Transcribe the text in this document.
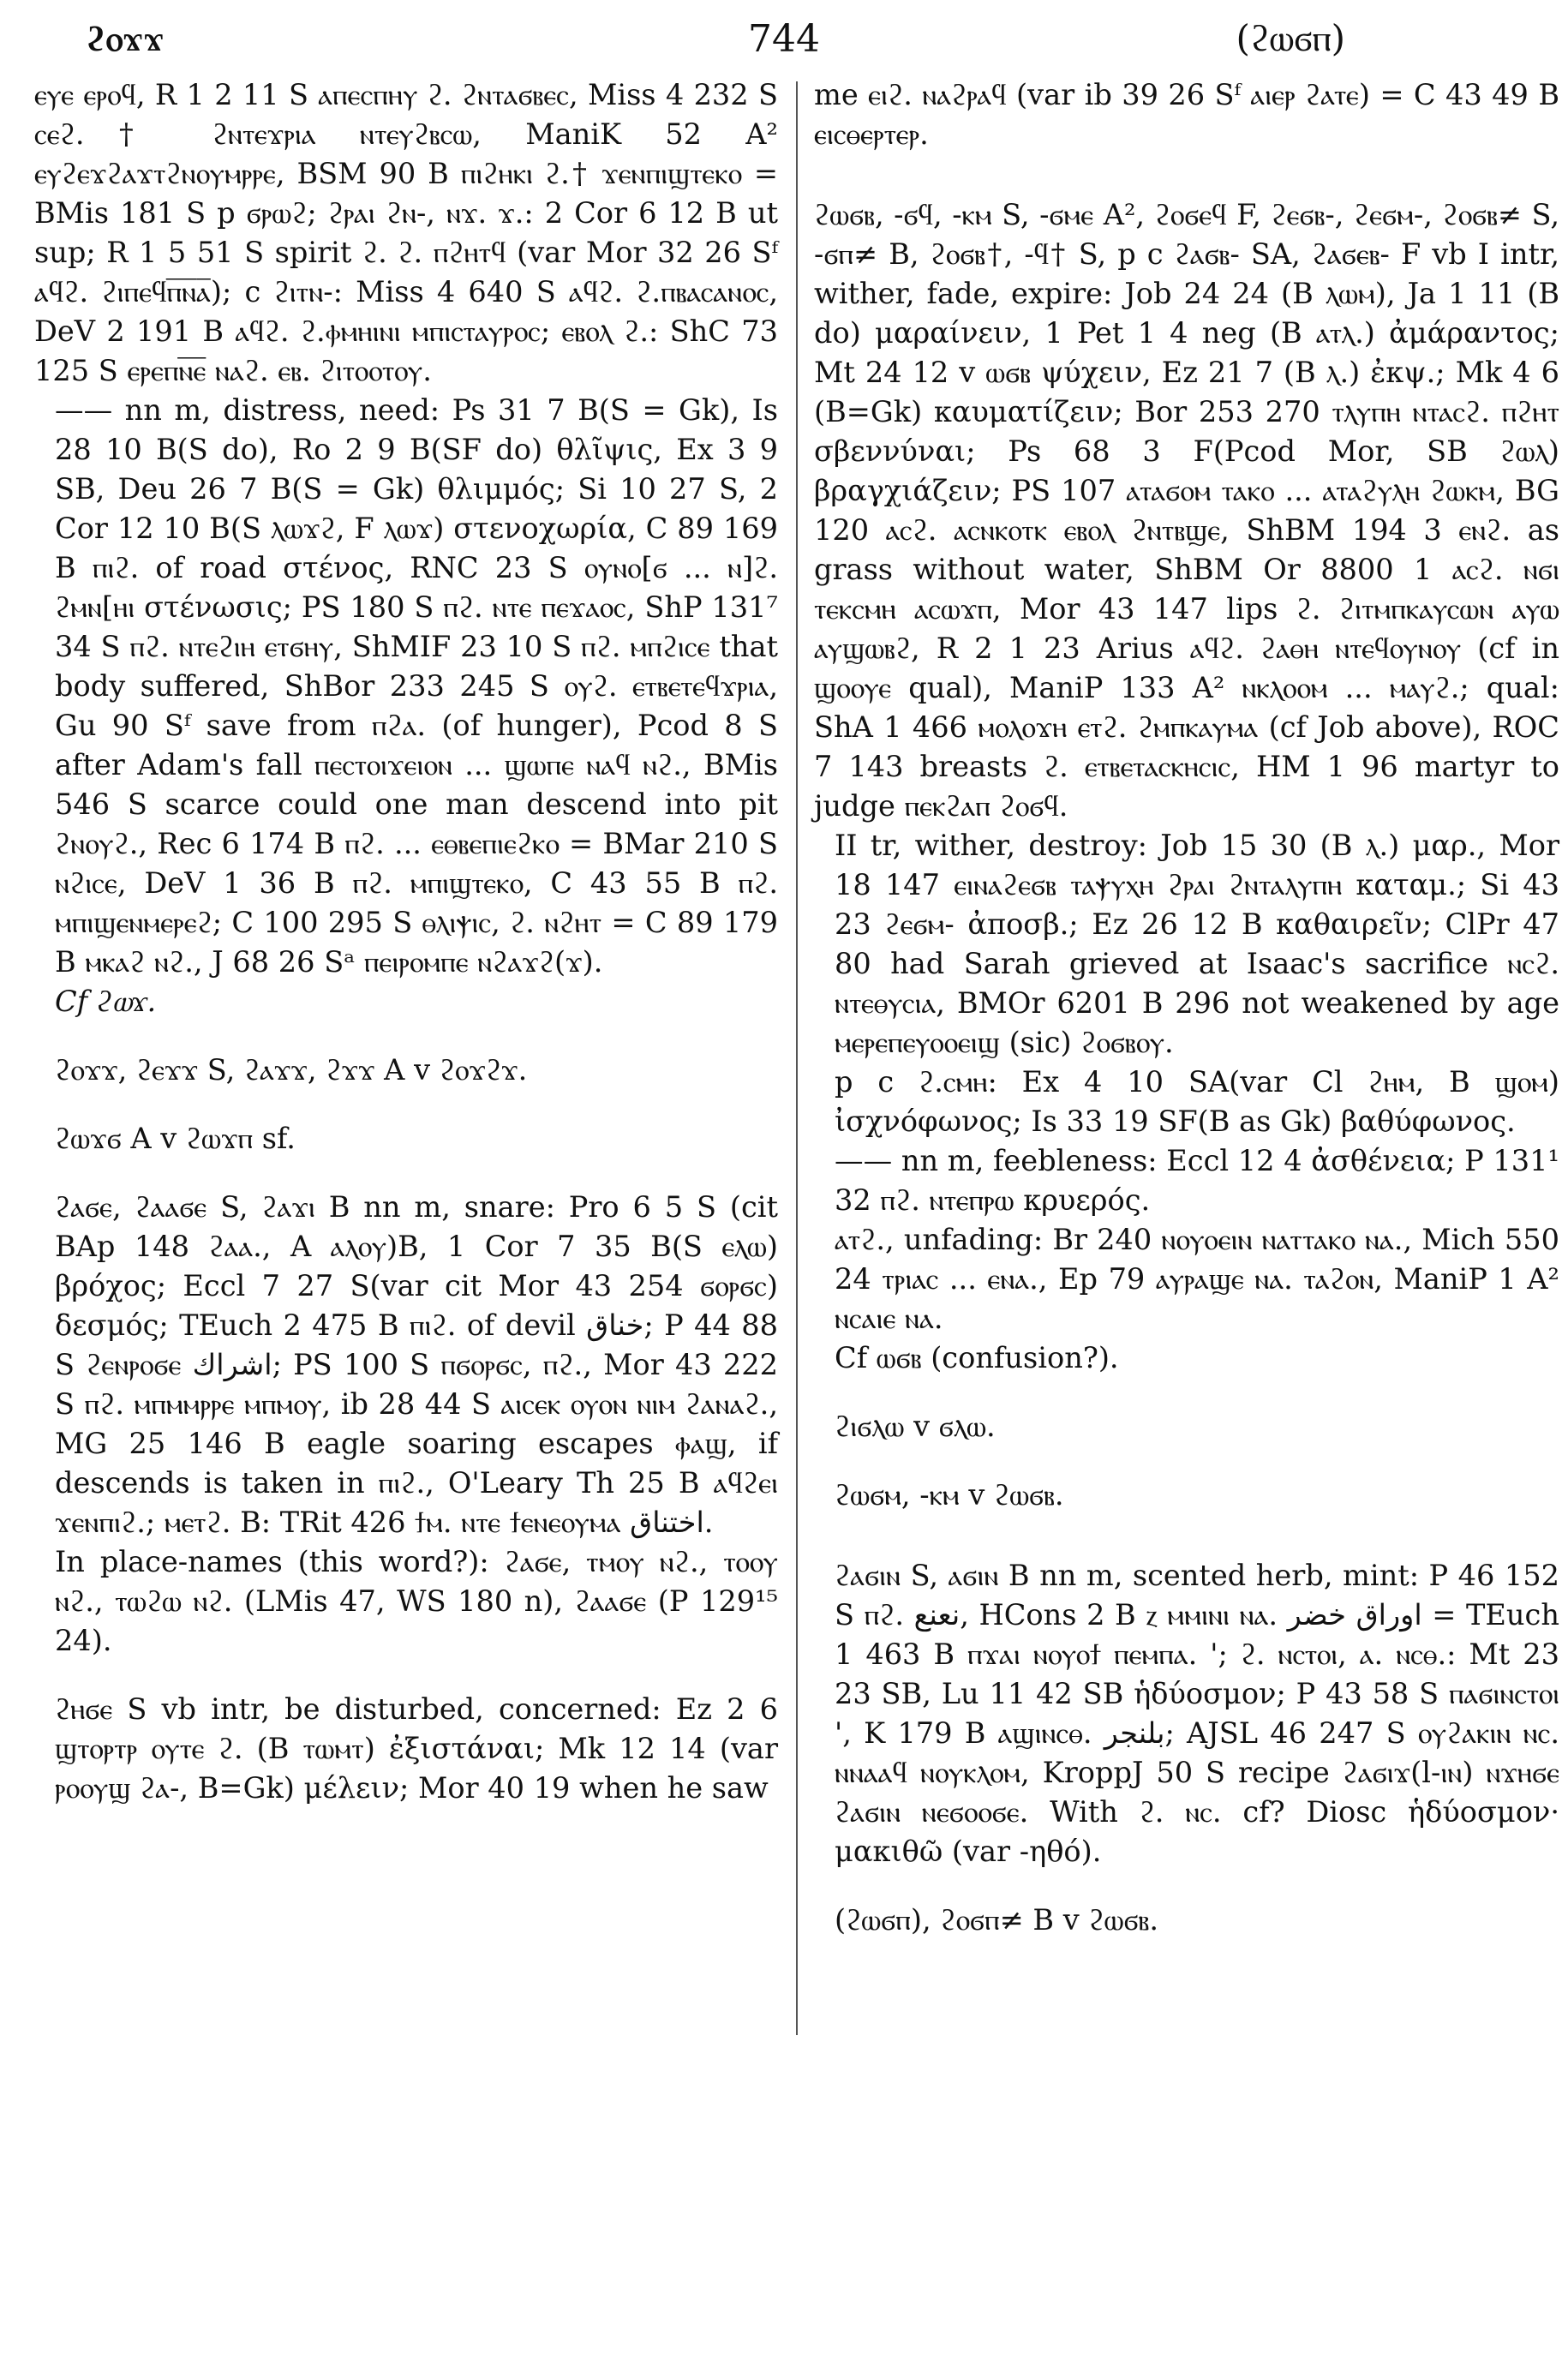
ϩⲟϫϫ	744	(ϩⲱϭⲡ)

ⲉⲩⲉ ⲉⲣⲟϥ, R 1 2 11 S ⲁⲡⲉⲥⲡⲏⲩ ϩ. ϩⲛⲧⲁϭⲃⲉⲥ, Miss 4 232 S ⲥⲉϩ.† ϩⲛⲧⲉϫⲣⲓⲁ ⲛⲧⲉⲩϩⲃⲥⲱ, ManiK 52 A² ⲉⲩϩⲉϫϩⲁϫⲧϩⲛⲟⲩⲙⲣⲣⲉ, BSM 90 B ⲡⲓϩⲏⲕⲓ ϩ.† ϫⲉⲛⲡⲓϣⲧⲉⲕⲟ = BMis 181 S p ϭⲣⲱϩ; ϩⲣⲁⲓ ϩⲛ-, ⲛϫ. ϫ.: 2 Cor 6 12 B ut sup; R 1 5 51 S spirit ϩ. ϩ. ⲡϩⲏⲧϥ (var Mor 32 26 Sᶠ ⲁϥϩ. ϩⲓⲡⲉϥⲡ̅ⲛ̅ⲁ̅); c ϩⲓⲧⲛ-: Miss 4 640 S ⲁϥϩ. ϩ.ⲡⲃⲁⲥⲁⲛⲟⲥ, DeV 2 191 B ⲁϥϩ. ϩ.ⲫⲙⲏⲓⲛⲓ ⲙⲡⲓⲥⲧⲁⲩⲣⲟⲥ; ⲉⲃⲟⲗ ϩ.: ShC 73 125 S ⲉⲣⲉⲡⲛ̅ⲉ̅ ⲛⲁϩ. ⲉⲃ. ϩⲓⲧⲟⲟⲧⲟⲩ.

—— nn m, distress, need: Ps 31 7 B(S = Gk), Is 28 10 B(S do), Ro 2 9 B(SF do) θλῖψις, Ex 3 9 SB, Deu 26 7 B(S = Gk) θλιμμός; Si 10 27 S, 2 Cor 12 10 B(S ⲗⲱϫϩ, F ⲗⲱϫ) στενοχωρία, C 89 169 B ⲡⲓϩ. of road στένος, RNC 23 S ⲟⲩⲛⲟ[ϭ ... ⲛ]ϩ. ϩⲙⲛ[ⲏⲓ στένωσις; PS 180 S ⲡϩ. ⲛⲧⲉ ⲡⲉϫⲁⲟⲥ, ShP 131⁷ 34 S ⲡϩ. ⲛⲧⲉϩⲓⲏ ⲉⲧϭⲏⲩ, ShMIF 23 10 S ⲡϩ. ⲙⲡϩⲓⲥⲉ that body suffered, ShBor 233 245 S ⲟⲩϩ. ⲉⲧⲃⲉⲧⲉϥϫⲣⲓⲁ, Gu 90 Sᶠ save from ⲡϩⲁ. (of hunger), Pcod 8 S after Adam's fall ⲡⲉⲥⲧⲟⲓϫⲉⲓⲟⲛ ... ϣⲱⲡⲉ ⲛⲁϥ ⲛϩ., BMis 546 S scarce could one man descend into pit ϩⲛⲟⲩϩ., Rec 6 174 B ⲡϩ. ... ⲉⲑⲃⲉⲡⲓⲉϩⲕⲟ = BMar 210 S ⲛϩⲓⲥⲉ, DeV 1 36 B ⲡϩ. ⲙⲡⲓϣⲧⲉⲕⲟ, C 43 55 B ⲡϩ. ⲙⲡⲓϣⲉⲛⲙⲉⲣⲉϩ; C 100 295 S ⲑⲗⲓⲯⲓⲥ, ϩ. ⲛϩⲏⲧ = C 89 179 B ⲙⲕⲁϩ ⲛϩ., J 68 26 Sᵃ ⲡⲉⲓⲣⲟⲙⲡⲉ ⲛϩⲁϫϩ(ϫ).

Cf ϩⲱϫ.

ϩⲟϫϫ, ϩⲉϫϫ S, ϩⲁϫϫ, ϩϫϫ A v ϩⲟϫϩϫ.

ϩⲱϫϭ A v ϩⲱϫⲡ sf.

ϩⲁϭⲉ, ϩⲁⲁϭⲉ S, ϩⲁϫⲓ B nn m, snare: Pro 6 5 S (cit BAp 148 ϩⲁⲁ., A ⲁⲗⲟⲩ)B, 1 Cor 7 35 B(S ⲉⲗⲱ) βρόχος; Eccl 7 27 S(var cit Mor 43 254 ϭⲟⲣϭⲥ) δεσμός; TEuch 2 475 B ⲡⲓϩ. of devil خناق; P 44 88 S ϩⲉⲛⲣⲟϭⲉ اشراك; PS 100 S ⲡϭⲟⲣϭⲥ, ⲡϩ., Mor 43 222 S ⲡϩ. ⲙⲡⲙⲙⲣⲣⲉ ⲙⲡⲙⲟⲩ, ib 28 44 S ⲁⲓⲥⲉⲕ ⲟⲩⲟⲛ ⲛⲓⲙ ϩⲁⲛⲁϩ., MG 25 146 B eagle soaring escapes ⲫⲁϣ, if descends is taken in ⲡⲓϩ., O'Leary Th 25 B ⲁϥϩⲉⲓ ϫⲉⲛⲡⲓϩ.; ⲙⲉⲧϩ. B: TRit 426 ϯⲙ. ⲛⲧⲉ ϯⲉⲛⲉⲟⲩⲙⲁ اختناق.

In place-names (this word?): ϩⲁϭⲉ, ⲧⲙⲟⲩ ⲛϩ., ⲧⲟⲟⲩ ⲛϩ., ⲧⲱϩⲱ ⲛϩ. (LMis 47, WS 180 n), ϩⲁⲁϭⲉ (P 129¹⁵ 24).

ϩⲏϭⲉ S vb intr, be disturbed, concerned: Ez 2 6 ϣⲧⲟⲣⲧⲣ ⲟⲩⲧⲉ ϩ. (B ⲧⲱⲙⲧ) ἐξιστάναι; Mk 12 14 (var ⲣⲟⲟⲩϣ ϩⲁ-, B=Gk) μέλειν; Mor 40 19 when he saw

me ⲉⲓϩ. ⲛⲁϩⲣⲁϥ (var ib 39 26 Sᶠ ⲁⲓⲉⲣ ϩⲁⲧⲉ) = C 43 49 B ⲉⲓⲥⲑⲉⲣⲧⲉⲣ.

ϩⲱϭⲃ, -ϭϥ, -ⲕⲙ S, -ϭⲙⲉ A², ϩⲟϭⲉϥ F, ϩⲉϭⲃ-, ϩⲉϭⲙ-, ϩⲟϭⲃ≠ S, -ϭⲡ≠ B, ϩⲟϭⲃ†, -ϥ† S, p c ϩⲁϭⲃ- SA, ϩⲁϭⲉⲃ- F vb I intr, wither, fade, expire: Job 24 24 (B ⲗⲱⲙ), Ja 1 11 (B do) μαραίνειν, 1 Pet 1 4 neg (B ⲁⲧⲗ.) ἀμάραντος; Mt 24 12 v ⲱϭⲃ ψύχειν, Ez 21 7 (B ⲗ.) ἐκψ.; Mk 4 6 (B=Gk) καυματίζειν; Bor 253 270 ⲧⲗⲩⲡⲏ ⲛⲧⲁⲥϩ. ⲡϩⲏⲧ σβεννύναι; Ps 68 3 F(Pcod Mor, SB ϩⲱⲗ) βραγχιάζειν; PS 107 ⲁⲧⲁϭⲟⲙ ⲧⲁⲕⲟ ... ⲁⲧⲁϩⲩⲗⲏ ϩⲱⲕⲙ, BG 120 ⲁⲥϩ. ⲁⲥⲛⲕⲟⲧⲕ ⲉⲃⲟⲗ ϩⲛⲧⲃϣⲉ, ShBM 194 3 ⲉⲛϩ. as grass without water, ShBM Or 8800 1 ⲁⲥϩ. ⲛϭⲓ ⲧⲉⲕⲥⲙⲏ ⲁⲥⲱϫⲡ, Mor 43 147 lips ϩ. ϩⲓⲧⲙⲡⲕⲁⲩⲥⲱⲛ ⲁⲩⲱ ⲁⲩϣⲱⲃϩ, R 2 1 23 Arius ⲁϥϩ. ϩⲁⲑⲏ ⲛⲧⲉϥⲟⲩⲛⲟⲩ (cf in ϣⲟⲟⲩⲉ qual), ManiP 133 A² ⲛⲕⲗⲟⲟⲙ ... ⲙⲁⲩϩ.; qual: ShA 1 466 ⲙⲟⲗⲟϫⲏ ⲉⲧϩ. ϩⲙⲡⲕⲁⲩⲙⲁ (cf Job above), ROC 7 143 breasts ϩ. ⲉⲧⲃⲉⲧⲁⲥⲕⲏⲥⲓⲥ, HM 1 96 martyr to judge ⲡⲉⲕϩⲁⲡ ϩⲟϭϥ.

II tr, wither, destroy: Job 15 30 (B ⲗ.) μαρ., Mor 18 147 ⲉⲓⲛⲁϩⲉϭⲃ ⲧⲁⲯⲩⲭⲏ ϩⲣⲁⲓ ϩⲛⲧⲁⲗⲩⲡⲏ καταμ.; Si 43 23 ϩⲉϭⲙ- ἀποσβ.; Ez 26 12 B καθαιρεῖν; ClPr 47 80 had Sarah grieved at Isaac's sacrifice ⲛⲥϩ. ⲛⲧⲉⲑⲩⲥⲓⲁ, BMOr 6201 B 296 not weakened by age ⲙⲉⲣⲉⲡⲉⲩⲟⲟⲉⲓϣ (sic) ϩⲟϭⲃⲟⲩ.

p c ϩ.ⲥⲙⲏ: Ex 4 10 SA(var Cl ϩⲏⲙ, B ϣⲟⲙ) ἰσχνόφωνος; Is 33 19 SF(B as Gk) βαθύφωνος.

—— nn m, feebleness: Eccl 12 4 ἀσθένεια; P 131¹ 32 ⲡϩ. ⲛⲧⲉⲡⲣⲱ κρυερός.

ⲁⲧϩ., unfading: Br 240 ⲛⲟⲩⲟⲉⲓⲛ ⲛⲁⲧⲧⲁⲕⲟ ⲛⲁ., Mich 550 24 ⲧⲣⲓⲁⲥ ... ⲉⲛⲁ., Ep 79 ⲁⲩⲣⲁϣⲉ ⲛⲁ. ⲧⲁϩⲟⲛ, ManiP 1 A² ⲛⲥⲁⲓⲉ ⲛⲁ.

Cf ⲱϭⲃ (confusion?).

ϩⲓϭⲗⲱ v ϭⲗⲱ.

ϩⲱϭⲙ, -ⲕⲙ v ϩⲱϭⲃ.

ϩⲁϭⲓⲛ S, ⲁϭⲓⲛ B nn m, scented herb, mint: P 46 152 S ⲡϩ. نعنع, HCons 2 B ⲍ ⲙⲙⲓⲛⲓ ⲛⲁ. اوراق خضر = TEuch 1 463 B ⲡϫⲁⲓ ⲛⲟⲩⲟϯ ⲡⲉⲙⲡⲁ. '; ϩ. ⲛⲥⲧⲟⲓ, ⲁ. ⲛⲥⲑ.: Mt 23 23 SB, Lu 11 42 SB ἡδύοσμον; P 43 58 S ⲡⲁϭⲓⲛⲥⲧⲟⲓ ', K 179 B ⲁϣⲓⲛⲥⲑ. بلنجر; AJSL 46 247 S ⲟⲩϩⲁⲕⲓⲛ ⲛⲥ. ⲛⲛⲁⲁϥ ⲛⲟⲩⲕⲗⲟⲙ, KroppJ 50 S recipe ϩⲁϭⲓϫ(l-ⲓⲛ) ⲛϫⲏϭⲉ ϩⲁϭⲓⲛ ⲛⲉϭⲟⲟϭⲉ. With ϩ. ⲛⲥ. cf? Diosc ἡδύοσμον· μακιθῶ (var -ηθό).

(ϩⲱϭⲡ), ϩⲟϭⲡ≠ B v ϩⲱϭⲃ.
